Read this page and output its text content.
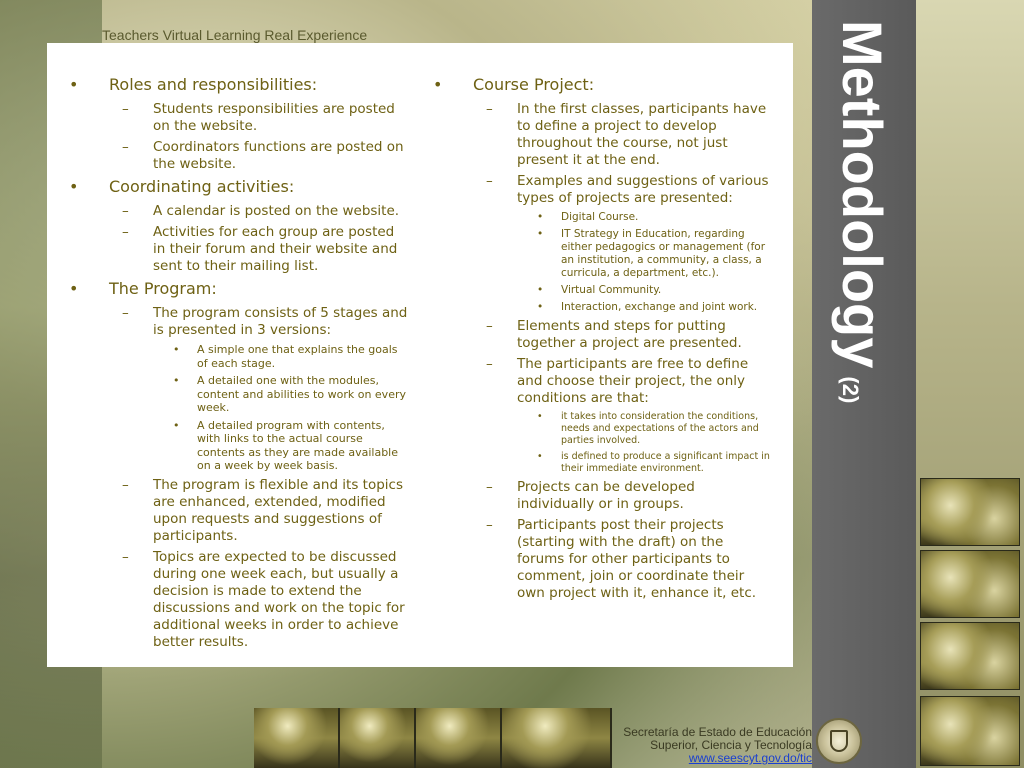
Teachers Virtual Learning Real Experience
• Roles and responsibilities:
– Students responsibilities are posted on the website.
– Coordinators functions are posted on the website.
• Coordinating activities:
– A calendar is posted on the website.
– Activities for each group are posted in their forum and their website and sent to their mailing list.
• The Program:
– The program consists of 5 stages and is presented in 3 versions:
• A simple one that explains the goals of each stage.
• A detailed one with the modules, content and abilities to work on every week.
• A detailed program with contents, with links to the actual course contents as they are made available on a week by week basis.
– The program is flexible and its topics are enhanced, extended, modified upon requests and suggestions of participants.
– Topics are expected to be discussed during one week each, but usually a decision is made to extend the discussions and work on the topic for additional weeks in order to achieve better results.
• Course Project:
– In the first classes, participants have to define a project to develop throughout the course, not just present it at the end.
– Examples and suggestions of various types of projects are presented:
• Digital Course.
• IT Strategy in Education, regarding either pedagogics or management (for an institution, a community, a class, a curricula, a department, etc.).
• Virtual Community.
• Interaction, exchange and joint work.
– Elements and steps for putting together a project are presented.
– The participants are free to define and choose their project, the only conditions are that:
• it takes into consideration the conditions, needs and expectations of the actors and parties involved.
• is defined to produce a significant impact in their immediate environment.
– Projects can be developed individually or in groups.
– Participants post their projects (starting with the draft) on the forums for other participants to comment, join or coordinate their own project with it, enhance it, etc.
Methodology(2)
Secretaría de Estado de Educación
Superior, Ciencia y Tecnología
www.seescyt.gov.do/tic
